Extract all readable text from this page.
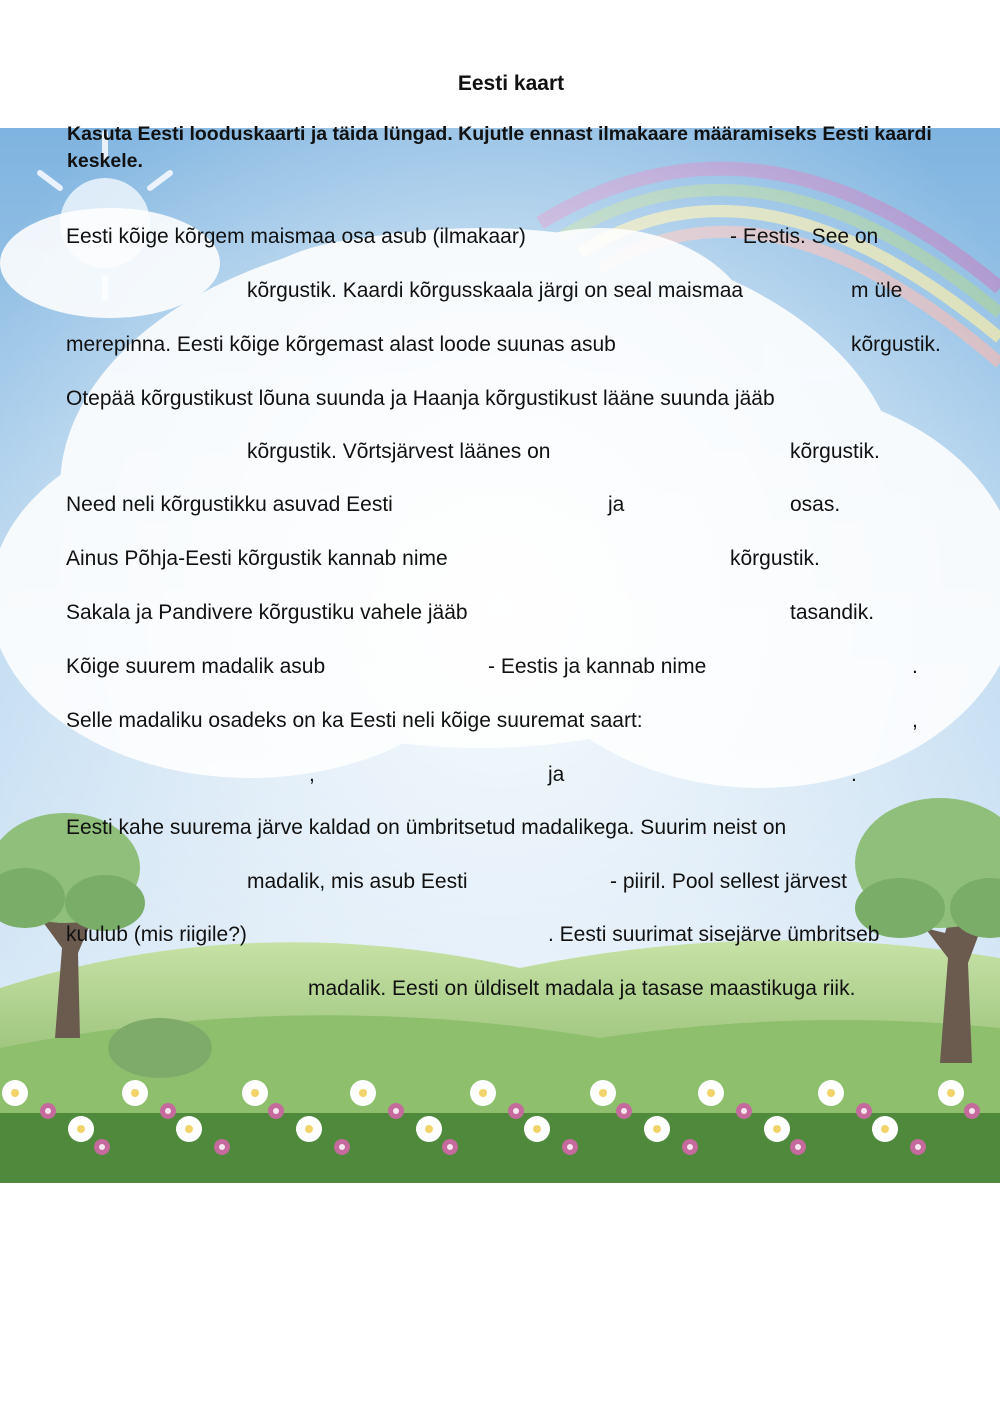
Eesti kaart
Kasuta Eesti looduskaarti ja täida lüngad. Kujutle ennast ilmakaare määramiseks Eesti kaardi keskele.
Eesti kõige kõrgem maismaa osa asub (ilmakaar)	- Eestis. See on
kõrgustik. Kaardi kõrgusskaala järgi on seal maismaa	m üle
merepinna. Eesti kõige kõrgemast alast loode suunas asub	kõrgustik.
Otepää kõrgustikust lõuna suunda ja Haanja kõrgustikust lääne suunda jääb
kõrgustik. Võrtsjärvest läänes on	kõrgustik.
Need neli kõrgustikku asuvad Eesti	ja	osas.
Ainus Põhja-Eesti kõrgustik kannab nime	kõrgustik.
Sakala ja Pandivere kõrgustiku vahele jääb	tasandik.
Kõige suurem madalik asub	- Eestis ja kannab nime	.
Selle madaliku osadeks on ka Eesti neli kõige suuremat saart:	,
,	ja	.
Eesti kahe suurema järve kaldad on ümbritsetud madalikega. Suurim neist on
madalik, mis asub Eesti	- piiril. Pool sellest järvest
kuulub (mis riigile?)	. Eesti suurimat sisejärve ümbritseb
madalik. Eesti on üldiselt madala ja tasase maastikuga riik.
